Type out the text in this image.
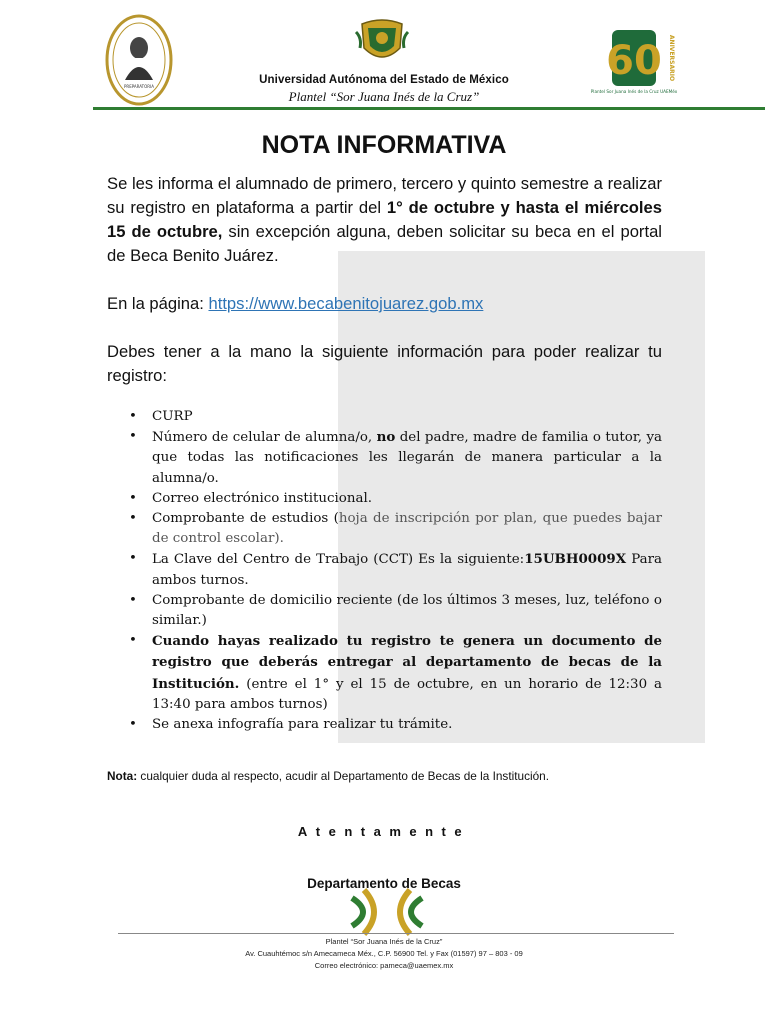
PREPARATORIA
60 ANIVERSARIO
Plantel Sor Juana Inés de la Cruz UAEMéx
Universidad Autónoma del Estado de México
Plantel “Sor Juana Inés de la Cruz”
NOTA INFORMATIVA

Se les informa el alumnado de primero, tercero y quinto semestre a realizar su registro en plataforma a partir del 1° de octubre y hasta el miércoles 15 de octubre, sin excepción alguna, deben solicitar su beca en el portal de Beca Benito Juárez.

En la página: https://www.becabenitojuarez.gob.mx

Debes tener a la mano la siguiente información para poder realizar tu registro:

• CURP
• Número de celular de alumna/o, no del padre, madre de familia o tutor, ya que todas las notificaciones les llegarán de manera particular a la alumna/o.
• Correo electrónico institucional.
• Comprobante de estudios (hoja de inscripción por plan, que puedes bajar de control escolar).
• La Clave del Centro de Trabajo (CCT) Es la siguiente:15UBH0009X Para ambos turnos.
• Comprobante de domicilio reciente (de los últimos 3 meses, luz, teléfono o similar.)
• Cuando hayas realizado tu registro te genera un documento de registro que deberás entregar al departamento de becas de la Institución. (entre el 1° y el 15 de octubre, en un horario de 12:30 a 13:40 para ambos turnos)
• Se anexa infografía para realizar tu trámite.
Nota: cualquier duda al respecto, acudir al Departamento de Becas de la Institución.
Atentamente
Departamento de Becas
Plantel “Sor Juana Inés de la Cruz”
Av. Cuauhtémoc s/n Amecameca Méx., C.P. 56900 Tel. y Fax (01597) 97 – 803 - 09
Correo electrónico: pameca@uaemex.mx
